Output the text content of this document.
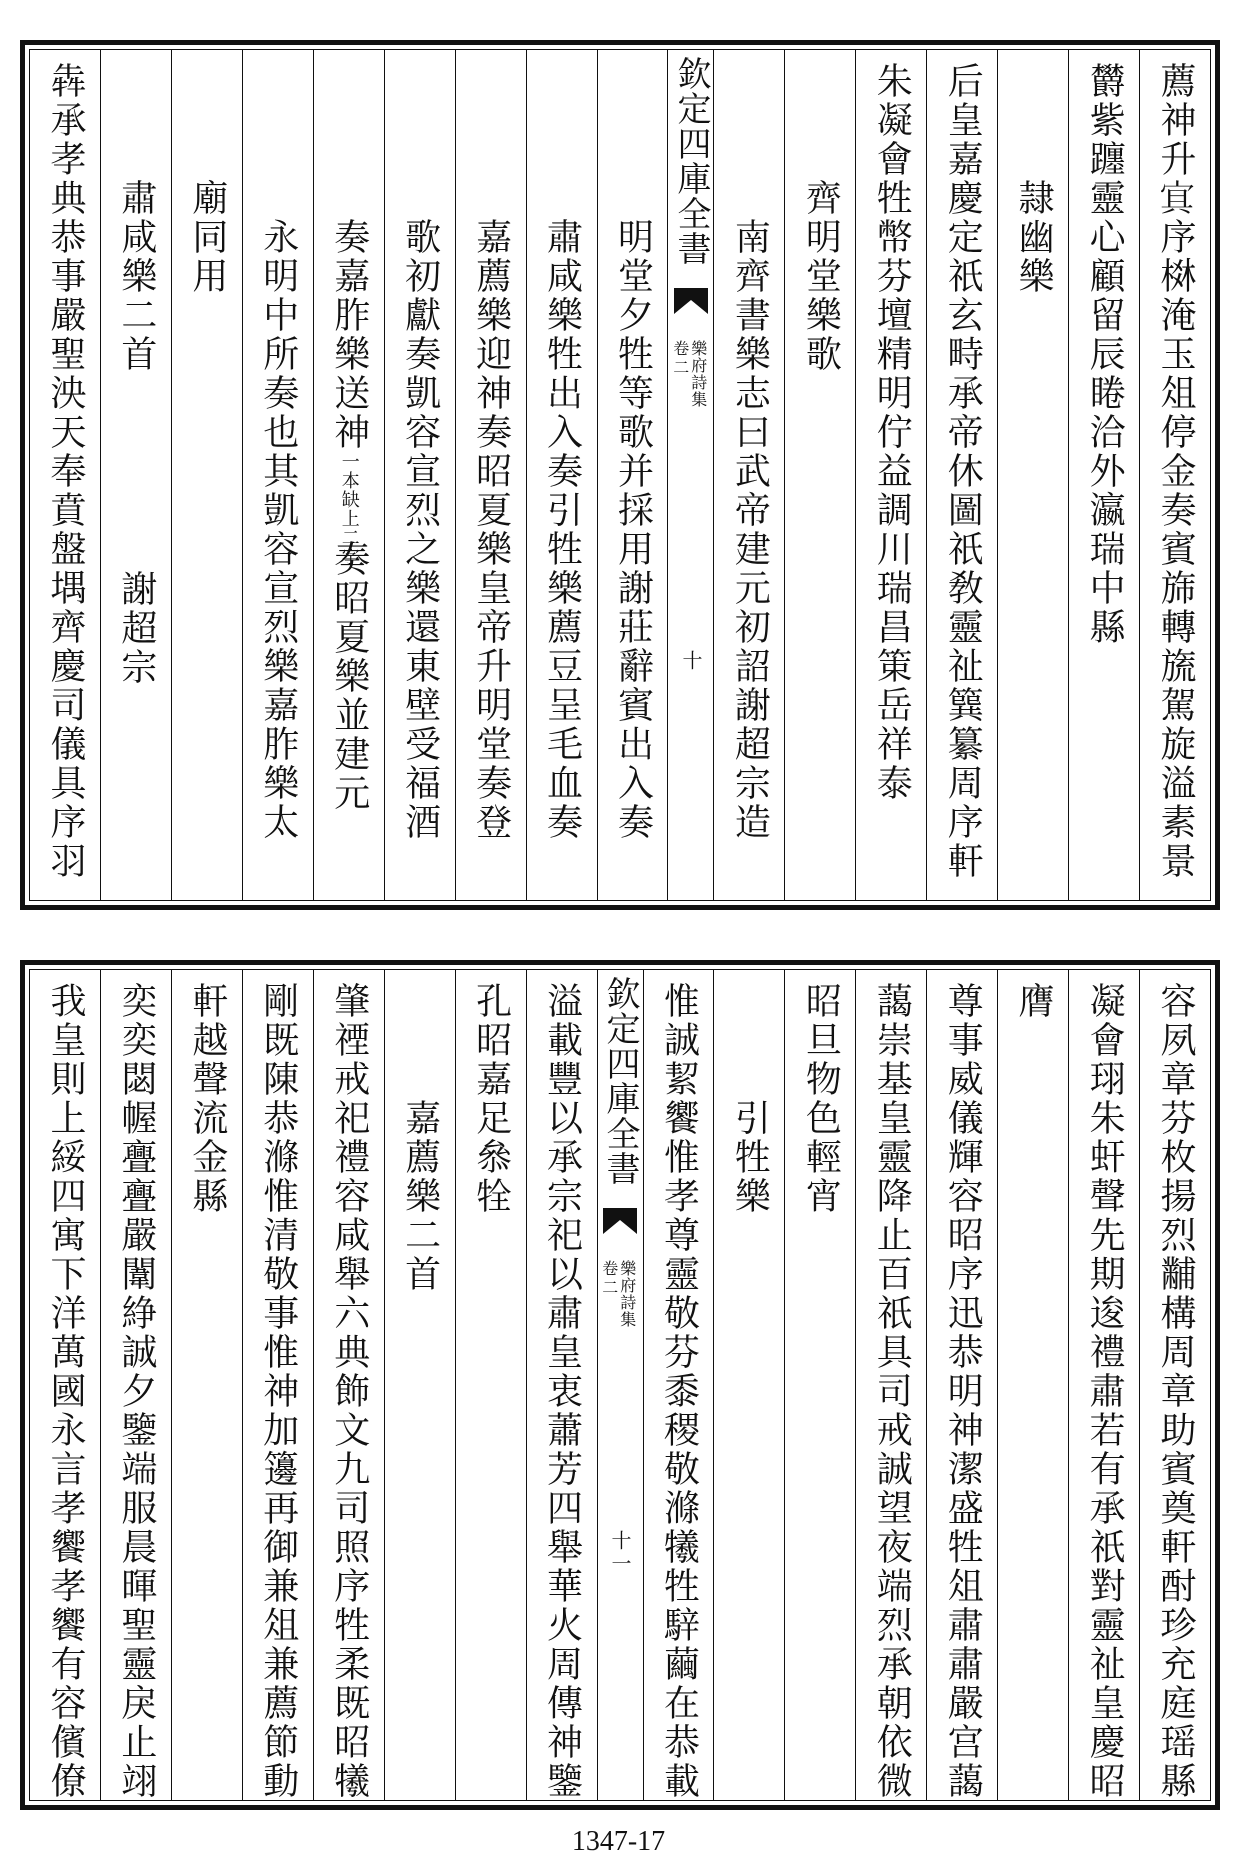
薦神升𡨋序棥淹玉俎停金奏賓旆轉旒駕旋溢素景
欝紫躔靈心顧留辰睠洽外瀛瑞中縣
隷幽樂
后皇嘉慶定祇玄畤承帝休圖祇敎靈祉簨纂周序軒
朱凝會牲幣芬壇精明佇益調川瑞昌䇿岳祥泰
齊明堂樂歌
南齊書樂志曰武帝建元初詔謝超宗造
欽定四庫全書
樂府詩集
卷二
十
明堂夕牲等歌并採用謝莊辭賓出入奏
肅咸樂牲出入奏引牲樂薦豆呈毛血奏
嘉薦樂迎神奏昭夏樂皇帝升明堂奏登
歌初獻奏凱容宣烈之樂還東壁受福酒
奏嘉胙樂送神
一本缺上二字
奏昭夏樂並建元
永明中所奏也其凱容宣烈樂嘉胙樂太
廟同用
肅咸樂二首
謝超宗
犇承孝典恭事嚴聖泱天奉賁盤堣齊慶司儀具序羽
容夙章芬枚揚烈黼構周章助賓奠軒酎珍充庭瑶縣
凝會珝朱虷聲先期逡禮肅若有承祇對靈祉皇慶昭
膺
尊事威儀輝容昭序迅恭明神潔盛牲俎肅肅嚴宫藹
藹崇基皇靈降止百祇具司戒誠望夜端烈承朝依微
昭旦物色輕宵
引牲樂
惟誠絜饗惟孝尊靈敬芬黍稷敬滌犧牲騂繭在恭載
欽定四庫全書
樂府詩集
卷二
十一
溢載豐以承宗祀以肅皇衷蕭芳四舉華火周傳神鑒
孔昭嘉足叅牷
嘉薦樂二首
肇禋戒祀禮容咸舉六典飾文九司照序牲柔既昭犧
剛既陳恭滌惟清敬事惟神加籩再御兼俎兼薦節動
軒越聲流金縣
奕奕閟幄亹亹嚴闈䋫誠夕鑒端服晨暉聖靈戾止翊
我皇則上綏四寓下洋萬國永言孝饗孝饗有容儐僚
1347-17
